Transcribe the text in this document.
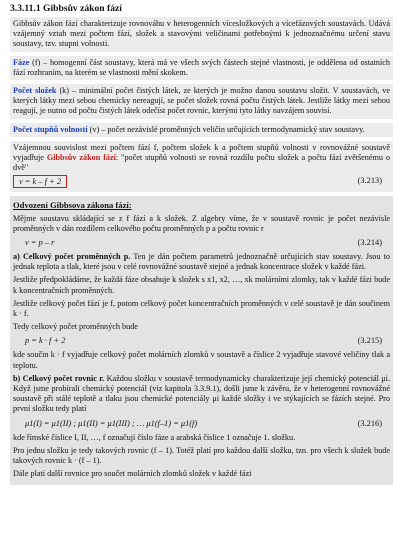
3.3.11.1 Gibbsův zákon fází
Gibbsův zákon fází charakterizuje rovnováhu v heterogenních vícesložkových a vícefázových soustavách. Udává vzájemný vztah mezi počtem fází, složek a stavovými veličinami potřebnými k jednoznačnému určení stavu soustavy, tzv. stupni volnosti.
Fáze (f) – homogenní část soustavy, která má ve všech svých částech stejné vlastnosti, je oddělena od ostatních fází rozhraním, na kterém se vlastnosti mění skokem.
Počet složek (k) – minimální počet čistých látek, ze kterých je možno danou soustavu složit. V soustavách, ve kterých látky mezi sebou chemicky nereagují, se počet složek rovná počtu čistých látek. Jestliže látky mezi sebou reagují, je nutno od počtu čistých látek odečíst počet rovnic, kterými tyto látky navzájem souvisí.
Počet stupňů volnosti (v) – počet nezávislé proměnných veličin určujících termodynamický stav soustavy.
Vzájemnou souvislost mezi počtem fází f, počtem složek k a počtem stupňů volnosti v rovnovážné soustavě vyjadřuje Gibbsův zákon fází: "počet stupňů volnosti se rovná rozdílu počtu složek a počtu fází zvětšenému o dvě"
v = k – f + 2	(3.213)
Odvození Gibbsova zákona fází:
Mějme soustavu skládající se z f fází a k složek. Z algebry víme, že v soustavě rovnic je počet nezávisle proměnných v dán rozdílem celkového počtu proměnných p a počtu rovnic r
v = p – r	(3.214)
a) Celkový počet proměnných p. Ten je dán počtem parametrů jednoznačně určujících stav soustavy. Jsou to jednak teplota a tlak, které jsou v celé rovnovážné soustavě stejné a jednak koncentrace složek v každé fázi.
Jestliže předpokládáme, že každá fáze obsahuje k složek s x1, x2, …, xk molárními zlomky, tak v každé fázi bude k koncentračních proměnných.
Jestliže celkový počet fází je f, potom celkový počet koncentračních proměnných v celé soustavě je dán součinem k · f.
Tedy celkový počet proměnných bude
p = k · f + 2	(3.215)
kde součin k · f vyjadřuje celkový počet molárních zlomků v soustavě a číslice 2 vyjadřuje stavové veličiny tlak a teplotu.
b) Celkový počet rovnic r. Každou složku v soustavě termodynamicky charakterizuje její chemický potenciál μi. Když jsme probírali chemický potenciál (viz kapitola 3.3.9.1), došli jsme k závěru, že v heterogenní rovnovážné soustavě při stálé teplotě a tlaku jsou chemické potenciály μi každé složky i ve stýkajících se fázích stejné. Pro první složku tedy platí
μ1(I) = μ1(II) ; μ1(II) = μ1(III) ; … μ1(f–1) = μ1(f)	(3.216)
kde římské číslice I, II, …, f označují číslo fáze a arabská číslice 1 označuje 1. složku.
Pro jednu složku je tedy takových rovnic (f – 1). Totéž platí pro každou další složku, tzn. pro všech k složek bude takových rovnic k · (f – 1).
Dále platí další rovnice pro součet molárních zlomků složek v každé fázi
